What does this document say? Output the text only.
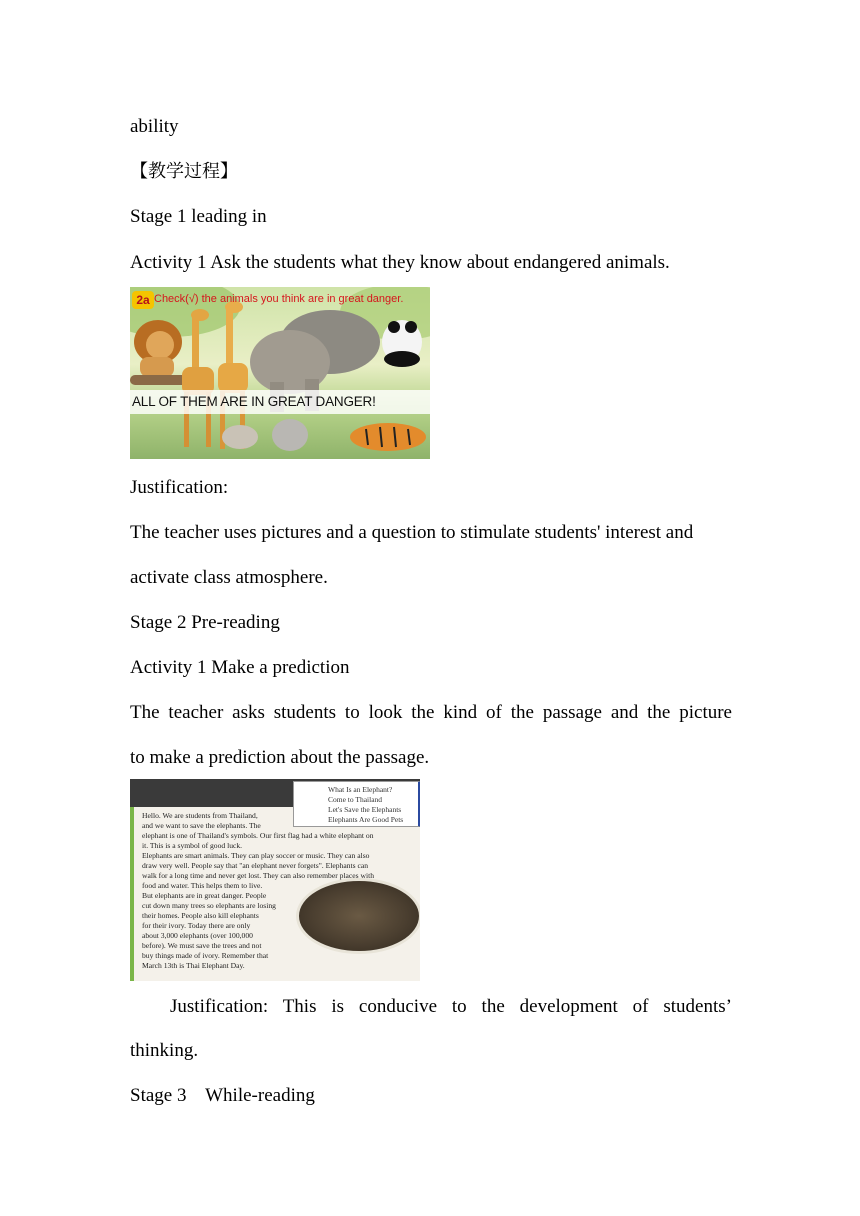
ability
【教学过程】
Stage 1 leading in
Activity 1 Ask the students what they know about endangered animals.
2a Check(√) the animals you think are in great danger.
ALL OF THEM ARE IN GREAT DANGER!
Justification:
The teacher uses pictures and a question to stimulate students' interest and
activate class atmosphere.
Stage 2 Pre-reading
Activity 1 Make a prediction
The teacher asks students to look the kind of the passage and the picture
to make a prediction about the passage.
What Is an Elephant?
Come to Thailand
Let's Save the Elephants
Elephants Are Good Pets
Hello. We are students from Thailand,
and we want to save the elephants. The
elephant is one of Thailand's symbols. Our first flag had a white elephant on
it. This is a symbol of good luck.
Elephants are smart animals. They can play soccer or music. They can also
draw very well. People say that "an elephant never forgets". Elephants can
walk for a long time and never get lost. They can also remember places with
food and water. This helps them to live.
But elephants are in great danger. People
cut down many trees so elephants are losing
their homes. People also kill elephants
for their ivory. Today there are only
about 3,000 elephants (over 100,000
before). We must save the trees and not
buy things made of ivory. Remember that
March 13th is Thai Elephant Day.
Justification: This is conducive to the development of students’
thinking.
Stage 3    While-reading
